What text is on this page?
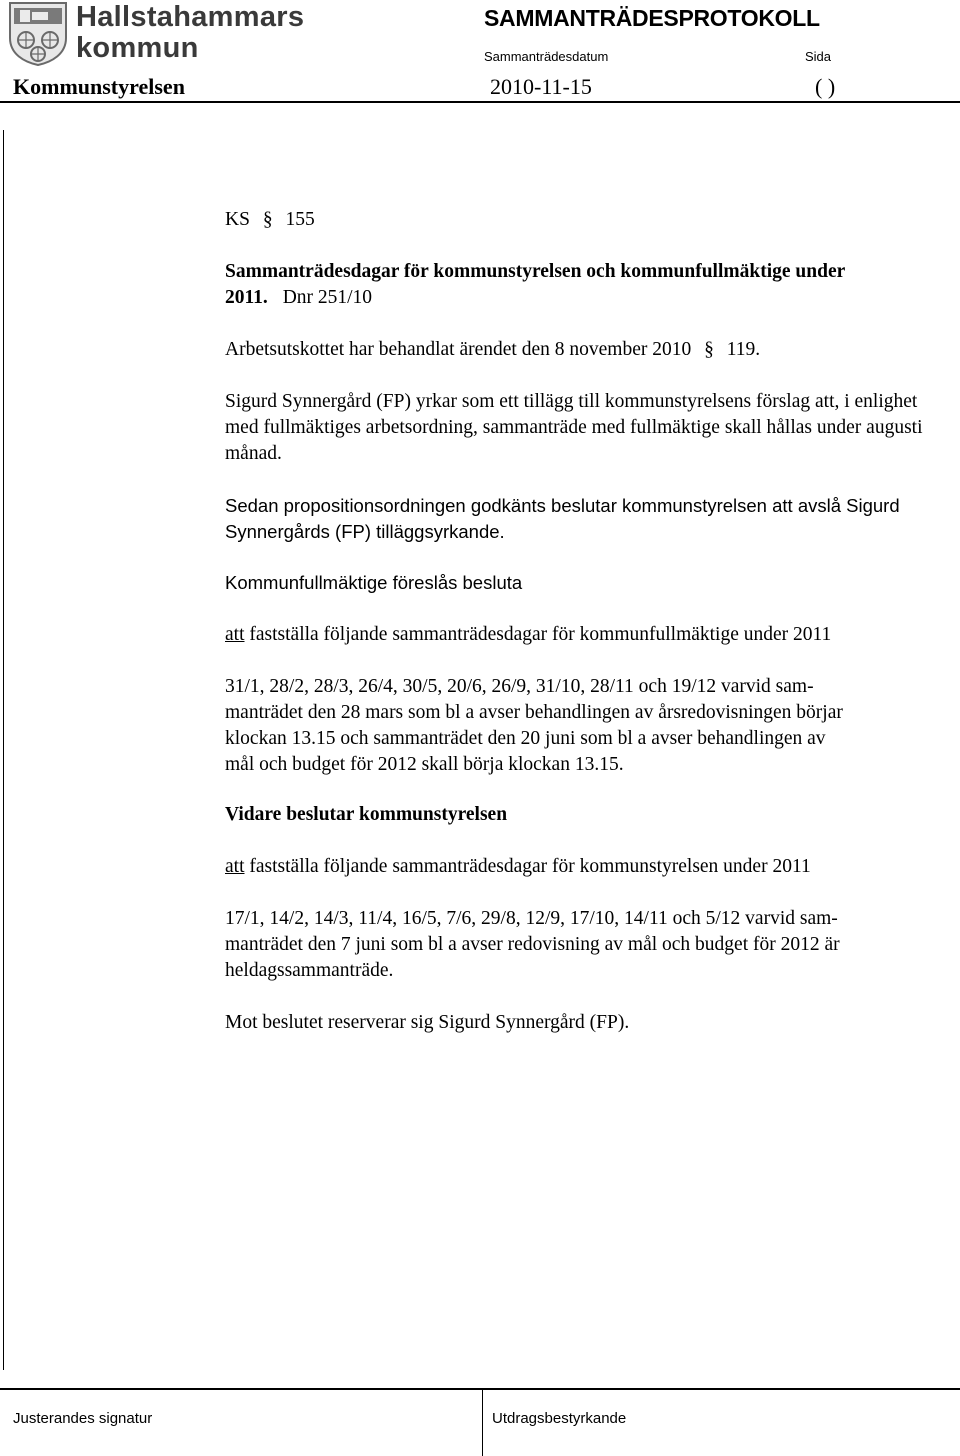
Hallstahammars
kommun
SAMMANTRÄDESPROTOKOLL
Sammanträdesdatum	Sida
Kommunstyrelsen	2010-11-15	( )
KS § 155
Sammanträdesdagar för kommunstyrelsen och kommunfullmäktige under
2011. Dnr 251/10
Arbetsutskottet har behandlat ärendet den 8 november 2010 § 119.
Sigurd Synnergård (FP) yrkar som ett tillägg till kommunstyrelsens förslag att, i enlighet med fullmäktiges arbetsordning, sammanträde med fullmäktige skall hållas under augusti månad.
Sedan propositionsordningen godkänts beslutar kommunstyrelsen att avslå Sigurd Synnergårds (FP) tilläggsyrkande.
Kommunfullmäktige föreslås besluta
att fastställa följande sammanträdesdagar för kommunfullmäktige under 2011
31/1, 28/2, 28/3, 26/4, 30/5, 20/6, 26/9, 31/10, 28/11 och 19/12 varvid sam-
manträdet den 28 mars som bl a avser behandlingen av årsredovisningen börjar
klockan 13.15 och sammanträdet den 20 juni som bl a avser behandlingen av
mål och budget för 2012 skall börja klockan 13.15.
Vidare beslutar kommunstyrelsen
att fastställa följande sammanträdesdagar för kommunstyrelsen under 2011
17/1, 14/2, 14/3, 11/4, 16/5, 7/6, 29/8, 12/9, 17/10, 14/11 och 5/12 varvid sam-
manträdet den 7 juni som bl a avser redovisning av mål och budget för 2012 är
heldagssammanträde.
Mot beslutet reserverar sig Sigurd Synnergård (FP).
Justerandes signatur	Utdragsbestyrkande
